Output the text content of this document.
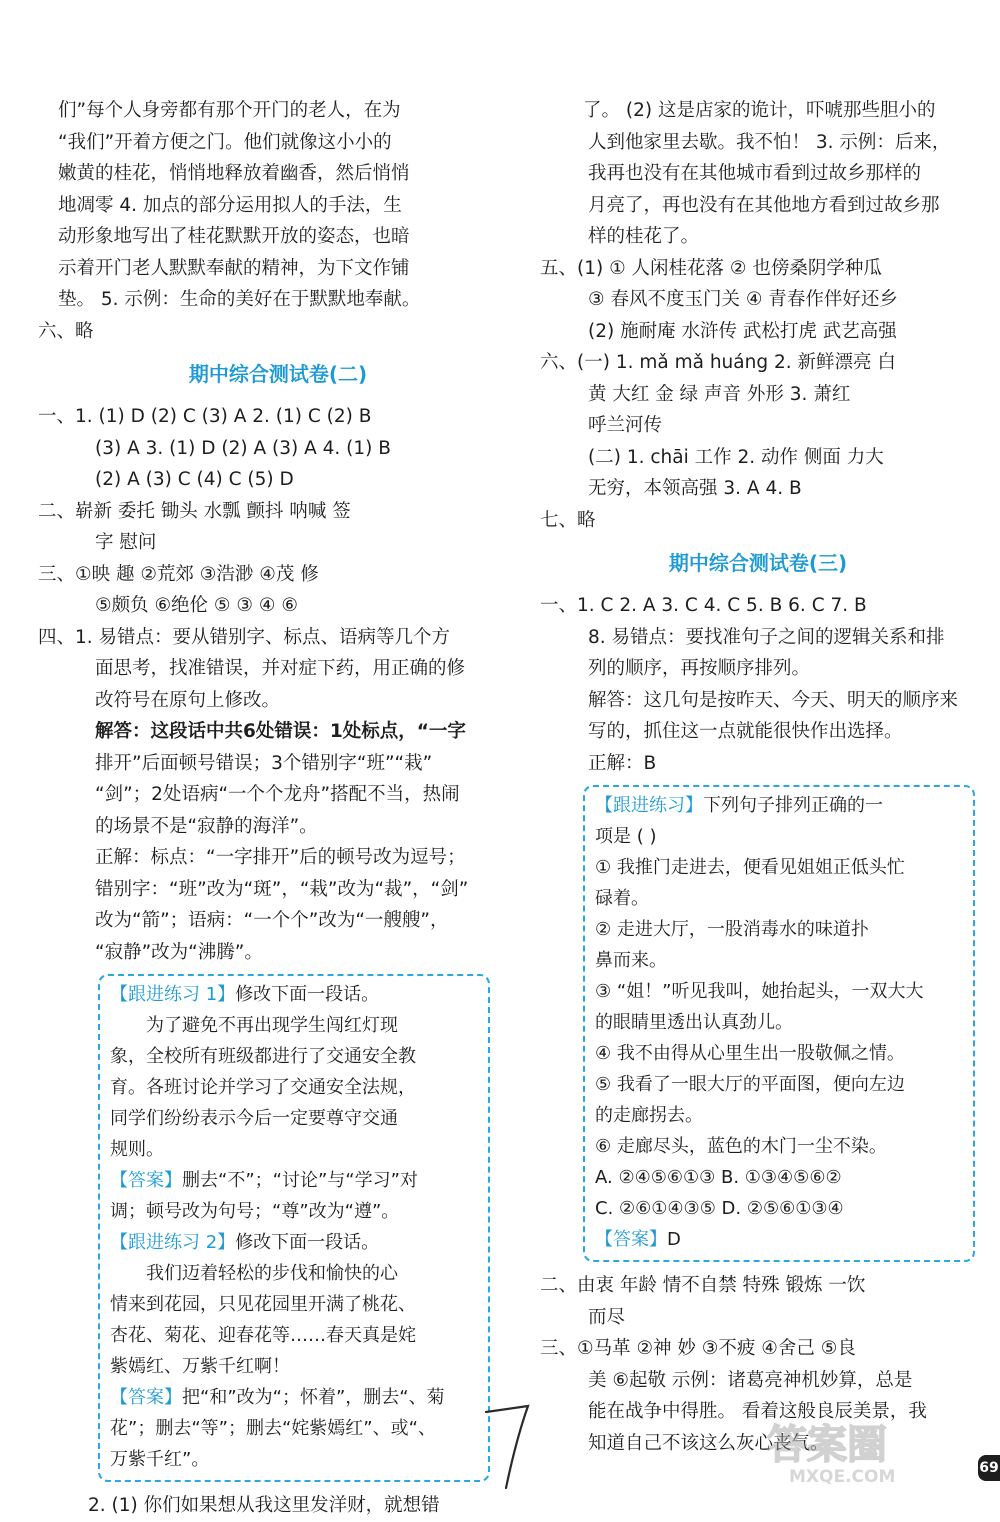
们”每个人身旁都有那个开门的老人，在为
“我们”开着方便之门。他们就像这小小的
嫩黄的桂花，悄悄地释放着幽香，然后悄悄
地凋零 4. 加点的部分运用拟人的手法，生
动形象地写出了桂花默默开放的姿态，也暗
示着开门老人默默奉献的精神，为下文作铺
垫。 5. 示例：生命的美好在于默默地奉献。
六、略
期中综合测试卷(二)
一、1. (1) D (2) C (3) A 2. (1) C (2) B
(3) A 3. (1) D (2) A (3) A 4. (1) B
(2) A (3) C (4) C (5) D
二、崭新 委托 锄头 水瓢 颤抖 呐喊 签
字 慰问
三、①映 趣 ②荒郊 ③浩渺 ④茂 修
⑤颇负 ⑥绝伦 ⑤ ③ ④ ⑥
四、1. 易错点：要从错别字、标点、语病等几个方
面思考，找准错误，并对症下药，用正确的修
改符号在原句上修改。
解答：这段话中共6处错误：1处标点，“一字
排开”后面顿号错误；3个错别字“班”“栽”
“剑”；2处语病“一个个龙舟”搭配不当，热闹
的场景不是“寂静的海洋”。
正解：标点：“一字排开”后的顿号改为逗号；
错别字：“班”改为“斑”，“栽”改为“裁”，“剑”
改为“箭”；语病：“一个个”改为“一艘艘”，
“寂静”改为“沸腾”。
【跟进练习 1】修改下面一段话。
为了避免不再出现学生闯红灯现
象，全校所有班级都进行了交通安全教
育。各班讨论并学习了交通安全法规，
同学们纷纷表示今后一定要尊守交通
规则。
【答案】删去“不”；“讨论”与“学习”对
调；顿号改为句号；“尊”改为“遵”。
【跟进练习 2】修改下面一段话。
我们迈着轻松的步伐和愉快的心
情来到花园，只见花园里开满了桃花、
杏花、菊花、迎春花等……春天真是姹
紫嫣红、万紫千红啊！
【答案】把“和”改为“；怀着”，删去“、菊
花”；删去“等”；删去“姹紫嫣红”、或“、
万紫千红”。
2. (1) 你们如果想从我这里发洋财，就想错
了。 (2) 这是店家的诡计，吓唬那些胆小的
人到他家里去歇。我不怕！ 3. 示例：后来，
我再也没有在其他城市看到过故乡那样的
月亮了，再也没有在其他地方看到过故乡那
样的桂花了。
五、(1) ① 人闲桂花落 ② 也傍桑阴学种瓜
③ 春风不度玉门关 ④ 青春作伴好还乡
(2) 施耐庵 水浒传 武松打虎 武艺高强
六、(一) 1. mǎ mǎ huáng 2. 新鲜漂亮 白
黄 大红 金 绿 声音 外形 3. 萧红
呼兰河传
(二) 1. chāi 工作 2. 动作 侧面 力大
无穷，本领高强 3. A 4. B
七、略
期中综合测试卷(三)
一、1. C 2. A 3. C 4. C 5. B 6. C 7. B
8. 易错点：要找准句子之间的逻辑关系和排
列的顺序，再按顺序排列。
解答：这几句是按昨天、今天、明天的顺序来
写的，抓住这一点就能很快作出选择。
正解：B
【跟进练习】下列句子排列正确的一
项是 ( )
① 我推门走进去，便看见姐姐正低头忙
碌着。
② 走进大厅，一股消毒水的味道扑
鼻而来。
③ “姐！”听见我叫，她抬起头，一双大大
的眼睛里透出认真劲儿。
④ 我不由得从心里生出一股敬佩之情。
⑤ 我看了一眼大厅的平面图，便向左边
的走廊拐去。
⑥ 走廊尽头，蓝色的木门一尘不染。
A. ②④⑤⑥①③ B. ①③④⑤⑥②
C. ②⑥①④③⑤ D. ②⑤⑥①③④
【答案】D
二、由衷 年龄 情不自禁 特殊 锻炼 一饮
而尽
三、①马革 ②神 妙 ③不疲 ④舍己 ⑤良
美 ⑥起敬 示例：诸葛亮神机妙算，总是
能在战争中得胜。 看着这般良辰美景，我
知道自己不该这么灰心丧气。
答案圈
MXQE.COM	69
